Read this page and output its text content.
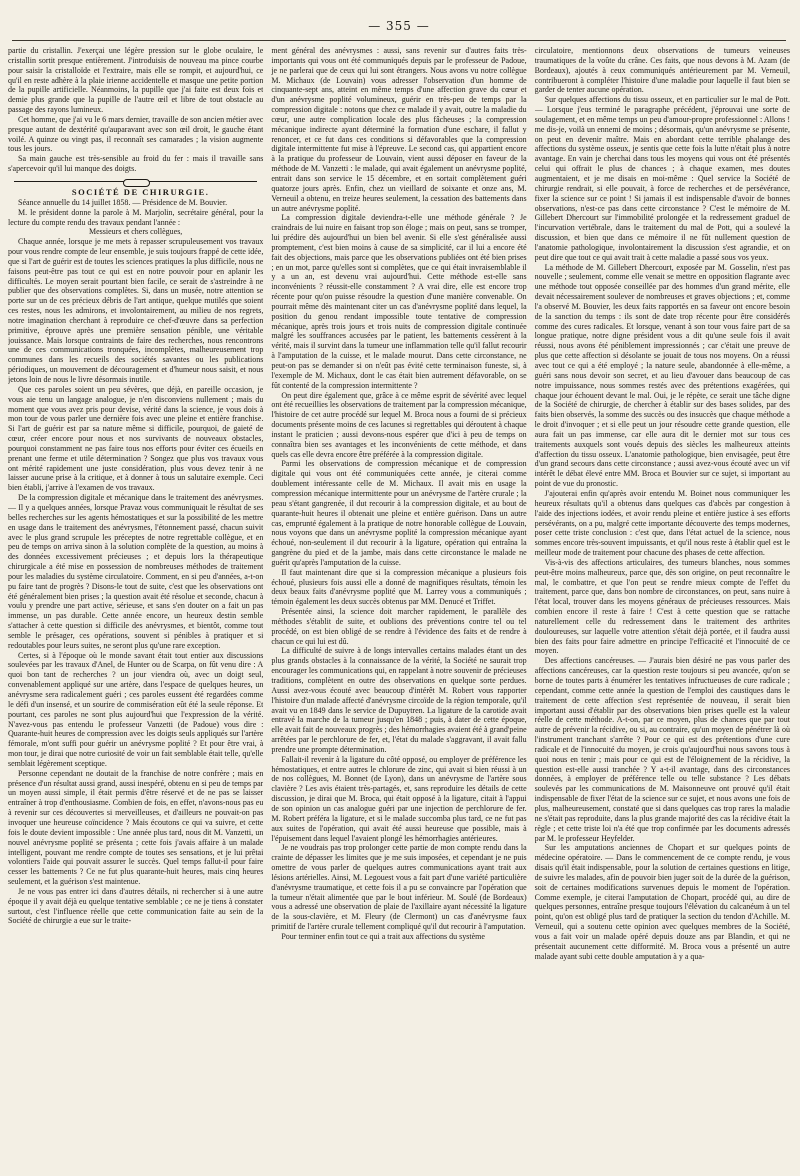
— 355 —

partie du cristallin. J'exerçai une légère pression sur le globe oculaire, le cristallin sortit presque entièrement. J'introduisis de nouveau ma pince courbe pour saisir la cristalloïde et l'extraire, mais elle se rompit, et aujourd'hui, ce qu'il en reste adhère à la plaie irienne accidentelle et masque une petite portion de la pupille artificielle. Néanmoins, la pupille que j'ai faite est deux fois et demie plus grande que la pupille de l'autre œil et libre de tout obstacle au passage des rayons lumineux.

Cet homme, que j'ai vu le 6 mars dernier, travaille de son ancien métier avec presque autant de dextérité qu'auparavant avec son œil droit, le gauche étant voilé. A quinze ou vingt pas, il reconnaît ses camarades ; la vision augmente tous les jours.

Sa main gauche est très-sensible au froid du fer : mais il travaille sans s'apercevoir qu'il lui manque des doigts.

SOCIÉTÉ DE CHIRURGIE.

Séance annuelle du 14 juillet 1858. — Présidence de M. Bouvier.

M. le président donne la parole à M. Marjolin, secrétaire général, pour la lecture du compte rendu des travaux pendant l'année :

Messieurs et chers collègues,

Chaque année, lorsque je me mets à repasser scrupuleusement vos travaux pour vous rendre compte de leur ensemble, je suis toujours frappé de cette idée, que si l'art de guérir est de toutes les sciences pratiques la plus difficile, nous ne faisons peut-être pas tout ce qui est en notre pouvoir pour en aplanir les difficultés. Le moyen serait pourtant bien facile, ce serait de s'astreindre à ne publier que des observations complètes. Si, dans un musée, notre attention se porte sur un de ces précieux débris de l'art antique, quelque mutilés que soient ces restes, nous les admirons, et involontairement, au milieu de nos regrets, notre imagination cherchant à reproduire ce chef-d'œuvre dans sa perfection primitive, éprouve après une première sensation pénible, une véritable jouissance. Mais lorsque contraints de faire des recherches, nous rencontrons une de ces communications tronquées, incomplètes, malheureusement trop communes dans les recueils des sociétés savantes ou les publications périodiques, un mouvement de découragement et d'humeur nous saisit, et nous jetons loin de nous le livre désormais inutile.

Que ces paroles soient un peu sévères, que déjà, en pareille occasion, je vous aie tenu un langage analogue, je n'en disconviens nullement ; mais du moment que vous avez pris pour devise, vérité dans la science, je vous dois à mon tour de vous parler une dernière fois avec une pleine et entière franchise. Si l'art de guérir est par sa nature même si difficile, pourquoi, de gaieté de cœur, créer encore pour nous et nos survivants de nouveaux obstacles, pourquoi constamment ne pas faire tous nos efforts pour éviter ces écueils en prenant une ferme et utile détermination ? Songez que plus vos travaux vous ont mérité rapidement une juste considération, plus vous devez tenir à ne laisser aucune prise à la critique, et à donner à tous un salutaire exemple. Ceci bien établi, j'arrive à l'examen de vos travaux.

De la compression digitale et mécanique dans le traitement des anévrysmes. — Il y a quelques années, lorsque Pravaz vous communiquait le résultat de ses belles recherches sur les agents hémostatiques et sur la possibilité de les mettre en usage dans le traitement des anévrysmes, l'étonnement passé, chacun suivit avec le plus grand scrupule les préceptes de notre regrettable collègue, et en peu de temps on arriva sinon à la solution complète de la question, au moins à des données excessivement précieuses ; et depuis lors la thérapeutique chirurgicale a été mise en possession de nombreuses méthodes de traitement pour les maladies du système circulatoire. Comment, en si peu d'années, a-t-on pu faire tant de progrès ? Disons-le tout de suite, c'est que les observations ont été généralement bien prises ; la question avait été résolue et seconde, chacun à voulu y prendre une part active, sérieuse, et sans s'en douter on a fait un pas immense, un pas durable. Cette année encore, un heureux destin semble s'attacher à cette question si difficile des anévrysmes, et bientôt, comme tout semble le présager, ces opérations, souvent si pénibles à pratiquer et si redoutables pour leurs suites, ne seront plus qu'une rare exception.

Certes, si à l'époque où le monde savant était tout entier aux discussions soulevées par les travaux d'Anel, de Hunter ou de Scarpa, on fût venu dire : A quoi bon tant de recherches ? un jour viendra où, avec un doigt seul, convenablement appliqué sur une artère, dans l'espace de quelques heures, un anévrysme sera radicalement guéri ; ces paroles eussent été regardées comme le défi d'un insensé, et un sourire de commisération eût été la seule réponse. Et pourtant, ces paroles ne sont plus aujourd'hui que l'expression de la vérité. N'avez-vous pas entendu le professeur Vanzetti (de Padoue) vous dire : Quarante-huit heures de compression avec les doigts seuls appliqués sur l'artère fémorale, m'ont suffi pour guérir un anévrysme poplité ? Et pour être vrai, à mon tour, je dirai que notre curiosité de voir un fait semblable était telle, qu'elle semblait légèrement sceptique.

Personne cependant ne doutait de la franchise de notre confrère ; mais en présence d'un résultat aussi grand, aussi inespéré, obtenu en si peu de temps par un moyen aussi simple, il était permis d'être réservé et de ne pas se laisser entraîner à trop d'enthousiasme. Combien de fois, en effet, n'avons-nous pas eu à revenir sur ces découvertes si merveilleuses, et d'ailleurs ne pouvait-on pas invoquer une heureuse coïncidence ? Mais écoutons ce qui va suivre, et cette fois le doute devient impossible : Une année plus tard, nous dit M. Vanzetti, un nouvel anévrysme poplité se présenta ; cette fois j'avais affaire à un malade intelligent, pouvant me rendre compte de toutes ses sensations, et je lui prêtai volontiers l'aide qui pouvait assurer le succès. Quel temps fallut-il pour faire cesser les battements ? Ce ne fut plus quarante-huit heures, mais cinq heures seulement, et la guérison s'est maintenue.

Je ne vous pas entrer ici dans d'autres détails, ni rechercher si à une autre époque il y avait déjà eu quelque tentative semblable ; ce ne je tiens à constater surtout, c'est l'influence réelle que cette communication faite au sein de la Société de chirurgie a eue sur le traite-

ment général des anévrysmes : aussi, sans revenir sur d'autres faits très-importants qui vous ont été communiqués depuis par le professeur de Padoue, je ne parlerai que de ceux qui lui sont étrangers. Nous avons vu notre collègue M. Michaux (de Louvain) vous adresser l'observation d'un homme de cinquante-sept ans, atteint en même temps d'une affection grave du cœur et d'un anévrysme poplité volumineux, guérir en très-peu de temps par la compression digitale : notons que chez ce malade il y avait, outre la maladie du cœur, une autre complication locale des plus fâcheuses ; la compression mécanique indirecte ayant déterminé la formation d'une eschare, il fallut y renoncer, et ce fut dans ces conditions si défavorables que la compression digitale intermittente fut mise à l'épreuve. Le second cas, qui appartient encore à la pratique du professeur de Louvain, vient aussi déposer en faveur de la méthode de M. Vanzetti : le malade, qui avait également un anévrysme poplité, entrait dans son service le 15 décembre, et en sortait complètement guéri quatorze jours après. Enfin, chez un vieillard de soixante et onze ans, M. Verneuil a obtenu, en treize heures seulement, la cessation des battements dans un autre anévrysme poplité.

La compression digitale deviendra-t-elle une méthode générale ? Je craindrais de lui nuire en faisant trop son éloge ; mais on peut, sans se tromper, lui prédire dès aujourd'hui un bien bel avenir. Si elle s'est généralisée aussi promptement, c'est bien moins à cause de sa simplicité, car il lui a encore été fait des objections, mais parce que les observations publiées ont été bien prises ; en un mot, parce qu'elles sont si complètes, que ce qui était invraisemblable il y a un an, est devenu vrai aujourd'hui. Cette méthode est-elle sans inconvénients ? réussit-elle constamment ? A vrai dire, elle est encore trop récente pour qu'on puisse résoudre la question d'une manière convenable. On pourrait même dès maintenant citer un cas d'anévrysme poplité dans lequel, la position du genou rendant impossible toute tentative de compression mécanique, après trois jours et trois nuits de compression digitale continuée malgré les souffrances accusées par le patient, les battements cessèrent à la vérité, mais il survint dans la tumeur une inflammation telle qu'il fallut recourir à l'amputation de la cuisse, et le malade mourut. Dans cette circonstance, ne peut-on pas se demander si on n'eût pas évité cette terminaison funeste, si, à l'exemple de M. Michaux, dont le cas était bien autrement défavorable, on se fût contenté de la compression intermittente ?

On peut dire également que, grâce à ce même esprit de sévérité avec lequel ont été recueillies les observations de traitement par la compression mécanique, l'histoire de cet autre procédé sur lequel M. Broca nous a fourni de si précieux documents présente moins de ces lacunes si regrettables qui déroutent à chaque instant le praticien ; aussi devons-nous espérer que d'ici à peu de temps on connaîtra bien ses avantages et les inconvénients de cette méthode, et dans quels cas elle devra encore être préférée à la compression digitale.

Parmi les observations de compression mécanique et de compression digitale qui vous ont été communiquées cette année, je citerai comme doublement intéressante celle de M. Michaux. Il avait mis en usage la compression mécanique intermittente pour un anévrysme de l'artère crurale ; la peau s'étant gangrenée, il dut recourir à la compression digitale, et au bout de quarante-huit heures il obtenait une pleine et entière guérison. Dans un autre cas, emprunté également à la pratique de notre honorable collègue de Louvain, nous voyons que dans un anévrysme poplité la compression mécanique ayant échoué, non-seulement il dut recourir à la ligature, opération qui entraîna la gangrène du pied et de la jambe, mais dans cette circonstance le malade ne guérit qu'après l'amputation de la cuisse.

Il faut maintenant dire que si la compression mécanique a plusieurs fois échoué, plusieurs fois aussi elle a donné de magnifiques résultats, témoin les deux beaux faits d'anévrysme poplité que M. Larrey vous a communiqués ; témoin également les deux succès obtenus par MM. Denucé et Triffet.

Présentée ainsi, la science doit marcher rapidement, le parallèle des méthodes s'établit de suite, et oublions des préventions contre tel ou tel procédé, on est bien obligé de se rendre à l'évidence des faits et de rendre à chacun ce qui lui est dû.

La difficulté de suivre à de longs intervalles certains malades étant un des plus grands obstacles à la connaissance de la vérité, la Société ne saurait trop encourager les communications qui, en rappelant à notre souvenir de précieuses traditions, complètent en outre des observations en quelque sorte perdues. Aussi avez-vous écouté avec beaucoup d'intérêt M. Robert vous rapporter l'histoire d'un malade affecté d'anévrysme circoïde de la région temporale, qu'il avait vu en 1849 dans le service de Dupuytren. La ligature de la carotide avait entravé la marche de la tumeur jusqu'en 1848 ; puis, à dater de cette époque, elle avait fait de nouveaux progrès ; des hémorrhagies avaient été à grand'peine arrêtées par le perchlorure de fer, et, l'état du malade s'aggravant, il avait fallu prendre une prompte détermination.

Fallait-il revenir à la ligature du côté opposé, ou employer de préférence les hémostatiques, et entre autres le chlorure de zinc, qui avait si bien réussi à un de nos collègues, M. Bonnet (de Lyon), dans un anévrysme de l'artère sous clavière ? Les avis étaient très-partagés, et, sans reproduire les détails de cette discussion, je dirai que M. Broca, qui était opposé à la ligature, citait à l'appui de son opinion un cas analogue guéri par une injection de perchlorure de fer. M. Robert préféra la ligature, et si le malade succomba plus tard, ce ne fut pas aux suites de l'opération, qui avait été aussi heureuse que possible, mais à l'épuisement dans lequel l'avaient plongé les hémorrhagies antérieures.

Je ne voudrais pas trop prolonger cette partie de mon compte rendu dans la crainte de dépasser les limites que je me suis imposées, et cependant je ne puis omettre de vous parler de quelques autres communications ayant trait aux lésions artérielles. Ainsi, M. Legouest vous a fait part d'une variété particulière d'anévrysme traumatique, et cette fois il a pu se convaincre par l'opération que la tumeur n'était alimentée que par le bout inférieur. M. Soulé (de Bordeaux) vous a adressé une observation de plaie de l'axillaire ayant nécessité la ligature de la sous-clavière, et M. Fleury (de Clermont) un cas d'anévrysme faux primitif de l'artère crurale tellement compliqué qu'il dut recourir à l'amputation.

Pour terminer enfin tout ce qui a trait aux affections du système

circulatoire, mentionnons deux observations de tumeurs veineuses traumatiques de la voûte du crâne. Ces faits, que nous devons à M. Azam (de Bordeaux), ajoutés à ceux communiqués antérieurement par M. Verneuil, contribueront à compléter l'histoire d'une maladie pour laquelle il faut bien se garder de tenter aucune opération.

Sur quelques affections du tissu osseux, et en particulier sur le mal de Pott. — Lorsque j'eus terminé le paragraphe précédent, j'éprouvai une sorte de soulagement, et en même temps un peu d'amour-propre professionnel : Allons ! me dis-je, voilà un ennemi de moins ; désormais, qu'un anévrysme se présente, on peut en devenir maître. Mais en abordant cette terrible phalange des affections du système osseux, je sentis que cette fois la lutte n'était plus à notre avantage. En vain je cherchai dans tous les moyens qui vous ont été présentés celui qui offrait le plus de chances ; à chaque examen, mes doutes augmentaient, et je me disais en moi-même : Quel service la Société de chirurgie rendrait, si elle pouvait, à force de recherches et de persévérance, fixer la science sur ce point ! Si jamais il est indispensable d'avoir de bonnes observations, n'est-ce pas dans cette circonstance ? C'est le mémoire de M. Gillebert Dhercourt sur l'immobilité prolongée et la redressement graduel de l'incurvation vertébrale, dans le traitement du mal de Pott, qui a soulevé la discussion, et bien que dans ce mémoire il ne fût nullement question de l'anatomie pathologique, involontairement la discussion s'est agrandie, et on peut dire que tout ce qui avait trait à cette maladie a passé sous vos yeux.

La méthode de M. Gillebert Dhercourt, exposée par M. Gosselin, n'est pas nouvelle ; seulement, comme elle venait se mettre en opposition flagrante avec une méthode tout opposée conseillée par des hommes d'un grand mérite, elle devait nécessairement soulever de nombreuses et graves objections ; et, comme l'a observé M. Bouvier, les deux faits rapportés en sa faveur ont encore besoin de la sanction du temps : ils sont de date trop récente pour être considérés comme des cures radicales. Et lorsque, venant à son tour vous faire part de sa longue pratique, notre digne président vous a dit qu'une seule fois il avait réussi, nous avons été péniblement impressionnés ; car c'était une preuve de plus que cette affection si désolante se jouait de tous nos moyens. On a réussi avec tout ce qui a été employé ; la nature seule, abandonnée à elle-même, a guéri sans nous devoir son secret, et au lieu d'avouer dans beaucoup de cas notre impuissance, nous sommes restés avec des prétentions exagérées, qui chaque jour échouent devant le mal. Oui, je le répète, ce serait une tâche digne de la Société de chirurgie, de chercher à établir sur des bases solides, par des faits bien observés, la somme des succès ou des insuccès que chaque méthode a le droit d'invoquer ; et si elle peut un jour résoudre cette grande question, elle aura fait un pas immense, car elle aura dit le dernier mot sur tous ces traitements auxquels sont voués depuis des siècles les malheureux atteints d'affection du tissu osseux. L'anatomie pathologique, bien envisagée, peut être d'un grand secours dans cette circonstance ; aussi avez-vous écouté avec un vif intérêt le débat élevé entre MM. Broca et Bouvier sur ce sujet, si important au point de vue du pronostic.

J'ajouterai enfin qu'après avoir entendu M. Boinet nous communiquer les heureux résultats qu'il a obtenus dans quelques cas d'abcès par congestion à l'aide des injections iodées, et avoir rendu pleine et entière justice à ses efforts persévérants, on a pu, malgré cette importante découverte des temps modernes, poser cette triste conclusion : c'est que, dans l'état actuel de la science, nous sommes encore très-souvent impuissants, et qu'il nous reste à établir quel est le meilleur mode de traitement pour chacune des phases de cette affection.

Vis-à-vis des affections articulaires, des tumeurs blanches, nous sommes peut-être moins malheureux, parce que, dès son origine, on peut reconnaître le mal, le combattre, et que l'on peut se rendre mieux compte de l'effet du traitement, parce que, dans bon nombre de circonstances, on peut, sans nuire à l'état local, trouver dans les moyens généraux de précieuses ressources. Mais combien encore il reste à faire ! C'est à cette question que se rattache naturellement celle du redressement dans le traitement des arthrites douloureuses, sur laquelle votre attention s'était déjà portée, et il faudra aussi bien des faits pour faire admettre en principe l'efficacité et l'innocuité de ce moyen.

Des affections cancéreuses. — J'aurais bien désiré ne pas vous parler des affections cancéreuses, car la question reste toujours si peu avancée, qu'on se borne de toutes parts à énumérer les tentatives infructueuses de cure radicale ; cependant, comme cette année la question de l'emploi des caustiques dans le traitement de cette affection s'est représentée de nouveau, il serait bien important aussi d'établir par des observations bien prises quelle est la valeur réelle de cette méthode. A-t-on, par ce moyen, plus de chances que par tout autre de prévenir la récidive, ou si, au contraire, qu'un moyen de pénétrer là où l'instrument tranchant s'arrête ? Pour ce qui est des prétentions d'une cure radicale et de l'innocuité du moyen, je crois qu'aujourd'hui nous savons tous à quoi nous en tenir ; mais pour ce qui est de l'éloignement de la récidive, la question est-elle aussi tranchée ? Y a-t-il avantage, dans des circonstances données, à employer de préférence telle ou telle substance ? Les débats soulevés par les communications de M. Maisonneuve ont prouvé qu'il était indispensable de fixer l'état de la science sur ce sujet, et nous avons une fois de plus, malheureusement, constaté que si dans quelques cas trop rares la maladie ne s'était pas reproduite, dans la plus grande majorité des cas la récidive était la règle ; et cette triste loi n'a été que trop confirmée par les documents adressés par M. le professeur Heyfelder.

Sur les amputations anciennes de Chopart et sur quelques points de médecine opératoire. — Dans le commencement de ce compte rendu, je vous disais qu'il était indispensable, pour la solution de certaines questions en litige, de suivre les malades, afin de pouvoir bien juger soit de la durée de la guérison, soit de certaines modifications survenues depuis le moment de l'opération. Comme exemple, je citerai l'amputation de Chopart, procédé qui, au dire de quelques personnes, entraîne presque toujours l'élévation du calcanéum à un tel point, qu'on est obligé plus tard de pratiquer la section du tendon d'Achille. M. Verneuil, qui a soutenu cette opinion avec quelques membres de la Société, vous a fait voir un malade opéré depuis douze ans par Blandin, et qui ne présentait aucunement cette difformité. M. Broca vous a présenté un autre malade ayant subi cette double amputation à y a qua-
